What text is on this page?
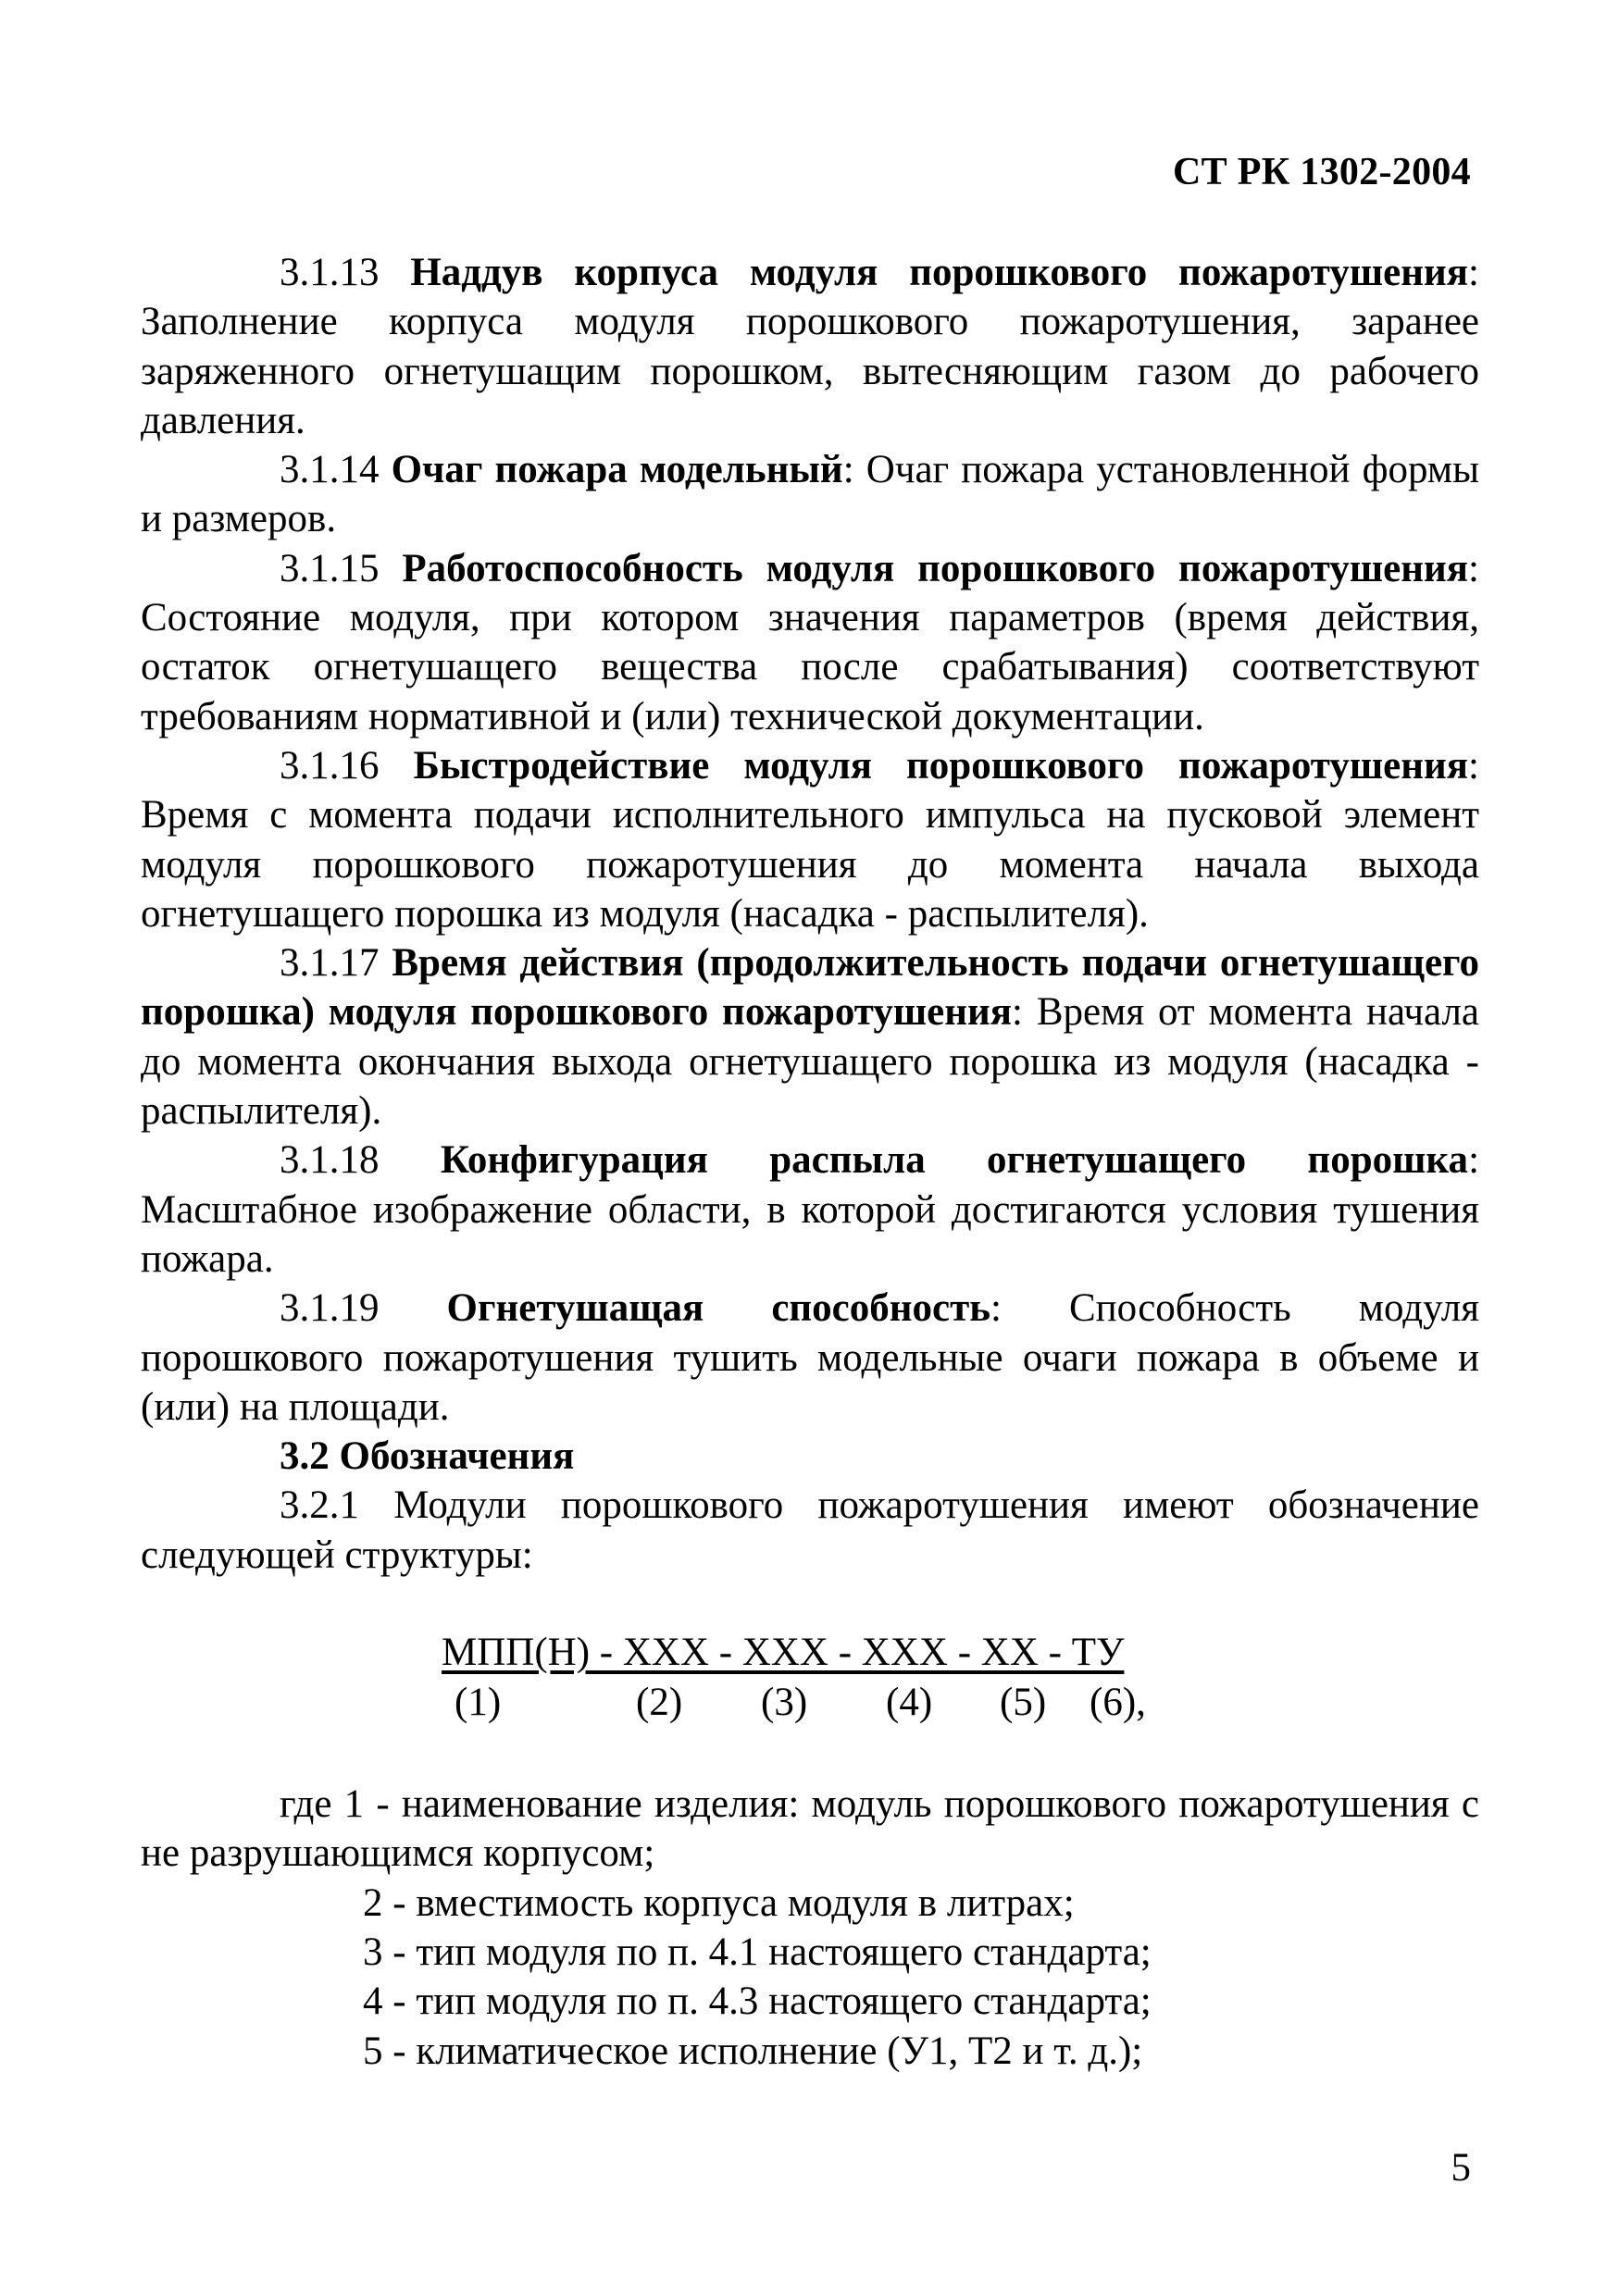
СТ РК 1302-2004

3.1.13 Наддув корпуса модуля порошкового пожаротушения: Заполнение корпуса модуля порошкового пожаротушения, заранее заряженного огнетушащим порошком, вытесняющим газом до рабочего давления.

3.1.14 Очаг пожара модельный: Очаг пожара установленной формы и размеров.

3.1.15 Работоспособность модуля порошкового пожаротушения: Состояние модуля, при котором значения параметров (время действия, остаток огнетушащего вещества после срабатывания) соответствуют требованиям нормативной и (или) технической документации.

3.1.16 Быстродействие модуля порошкового пожаротушения: Время с момента подачи исполнительного импульса на пусковой элемент модуля порошкового пожаротушения до момента начала выхода огнетушащего порошка из модуля (насадка - распылителя).

3.1.17 Время действия (продолжительность подачи огнетушащего порошка) модуля порошкового пожаротушения: Время от момента начала до момента окончания выхода огнетушащего порошка из модуля (насадка - распылителя).

3.1.18 Конфигурация распыла огнетушащего порошка: Масштабное изображение области, в которой достигаются условия тушения пожара.

3.1.19 Огнетушащая способность: Способность модуля порошкового пожаротушения тушить модельные очаги пожара в объеме и (или) на площади.

3.2 Обозначения

3.2.1 Модули порошкового пожаротушения имеют обозначение следующей структуры:

МПП(Н) - ХХХ - ХХХ - ХХХ - ХХ - ТУ
(1)	(2) (3) (4) (5) (6),

где 1 - наименование изделия: модуль порошкового пожаротушения с не разрушающимся корпусом;

2 - вместимость корпуса модуля в литрах;

3 - тип модуля по п. 4.1 настоящего стандарта;

4 - тип модуля по п. 4.3 настоящего стандарта;

5 - климатическое исполнение (У1, Т2 и т. д.);

5
